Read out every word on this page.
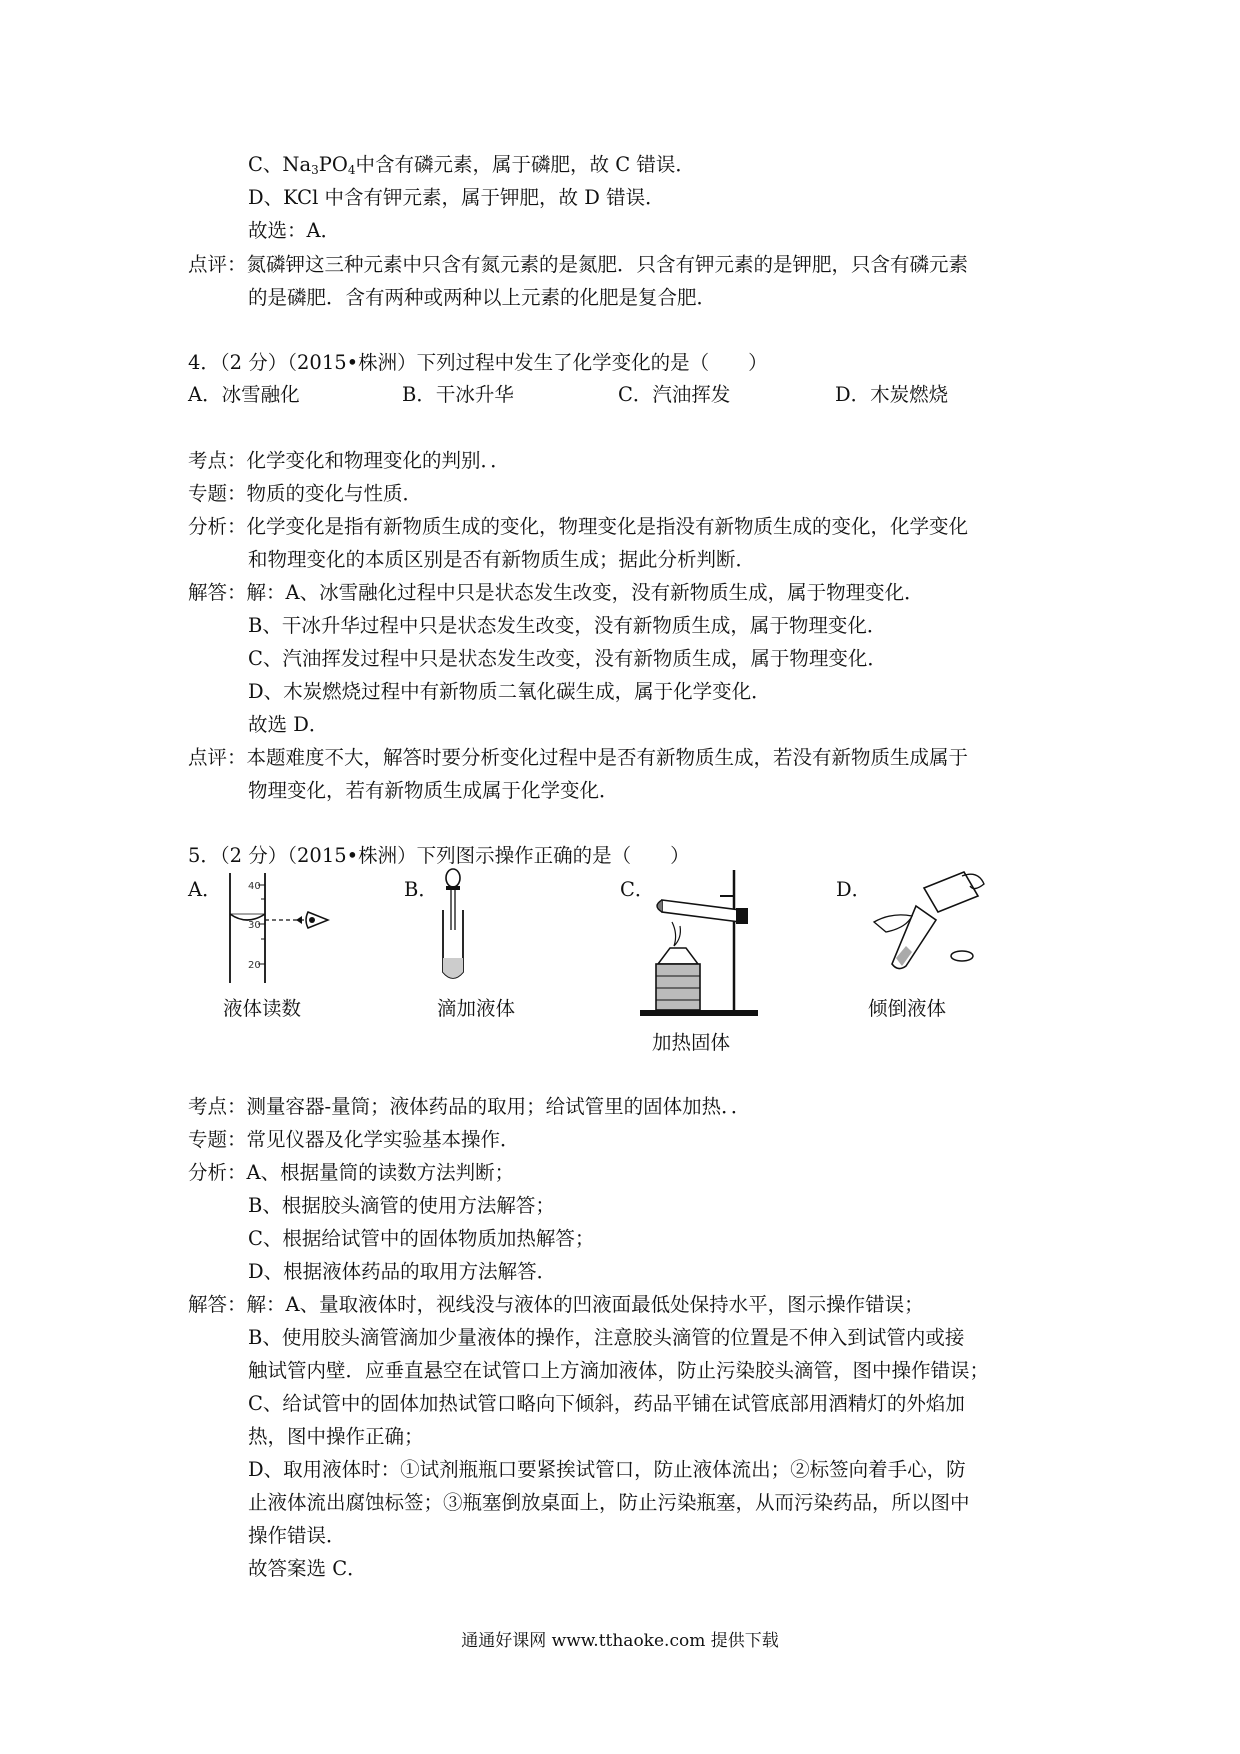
C、$Na_3PO_4$中含有磷元素，属于磷肥，故 C 错误．
D、KCl 中含有钾元素，属于钾肥，故 D 错误．
故选：A．
点评：氮磷钾这三种元素中只含有氮元素的是氮肥．只含有钾元素的是钾肥，只含有磷元素
的是磷肥．含有两种或两种以上元素的化肥是复合肥．
4．（2 分）（2015•株洲）下列过程中发生了化学变化的是（　　）
A．冰雪融化	B．干冰升华	C．汽油挥发	D．木炭燃烧
考点：化学变化和物理变化的判别．．
专题：物质的变化与性质．
分析：化学变化是指有新物质生成的变化，物理变化是指没有新物质生成的变化，化学变化
和物理变化的本质区别是否有新物质生成；据此分析判断．
解答：解：A、冰雪融化过程中只是状态发生改变，没有新物质生成，属于物理变化．
B、干冰升华过程中只是状态发生改变，没有新物质生成，属于物理变化．
C、汽油挥发过程中只是状态发生改变，没有新物质生成，属于物理变化．
D、木炭燃烧过程中有新物质二氧化碳生成，属于化学变化．
故选 D．
点评：本题难度不大，解答时要分析变化过程中是否有新物质生成，若没有新物质生成属于
物理变化，若有新物质生成属于化学变化．
5．（2 分）（2015•株洲）下列图示操作正确的是（　　）
A．	B．	C．	D．
40
30
20
液体读数	滴加液体
加热固体
倾倒液体
考点：测量容器-量筒；液体药品的取用；给试管里的固体加热．．
专题：常见仪器及化学实验基本操作．
分析：A、根据量筒的读数方法判断；
B、根据胶头滴管的使用方法解答；
C、根据给试管中的固体物质加热解答；
D、根据液体药品的取用方法解答．
解答：解：A、量取液体时，视线没与液体的凹液面最低处保持水平，图示操作错误；
B、使用胶头滴管滴加少量液体的操作，注意胶头滴管的位置是不伸入到试管内或接
触试管内壁．应垂直悬空在试管口上方滴加液体，防止污染胶头滴管，图中操作错误；
C、给试管中的固体加热试管口略向下倾斜，药品平铺在试管底部用酒精灯的外焰加
热，图中操作正确；
D、取用液体时：①试剂瓶瓶口要紧挨试管口，防止液体流出；②标签向着手心，防
止液体流出腐蚀标签；③瓶塞倒放桌面上，防止污染瓶塞，从而污染药品，所以图中
操作错误．
故答案选 C．
通通好课网 www.tthaoke.com 提供下载
